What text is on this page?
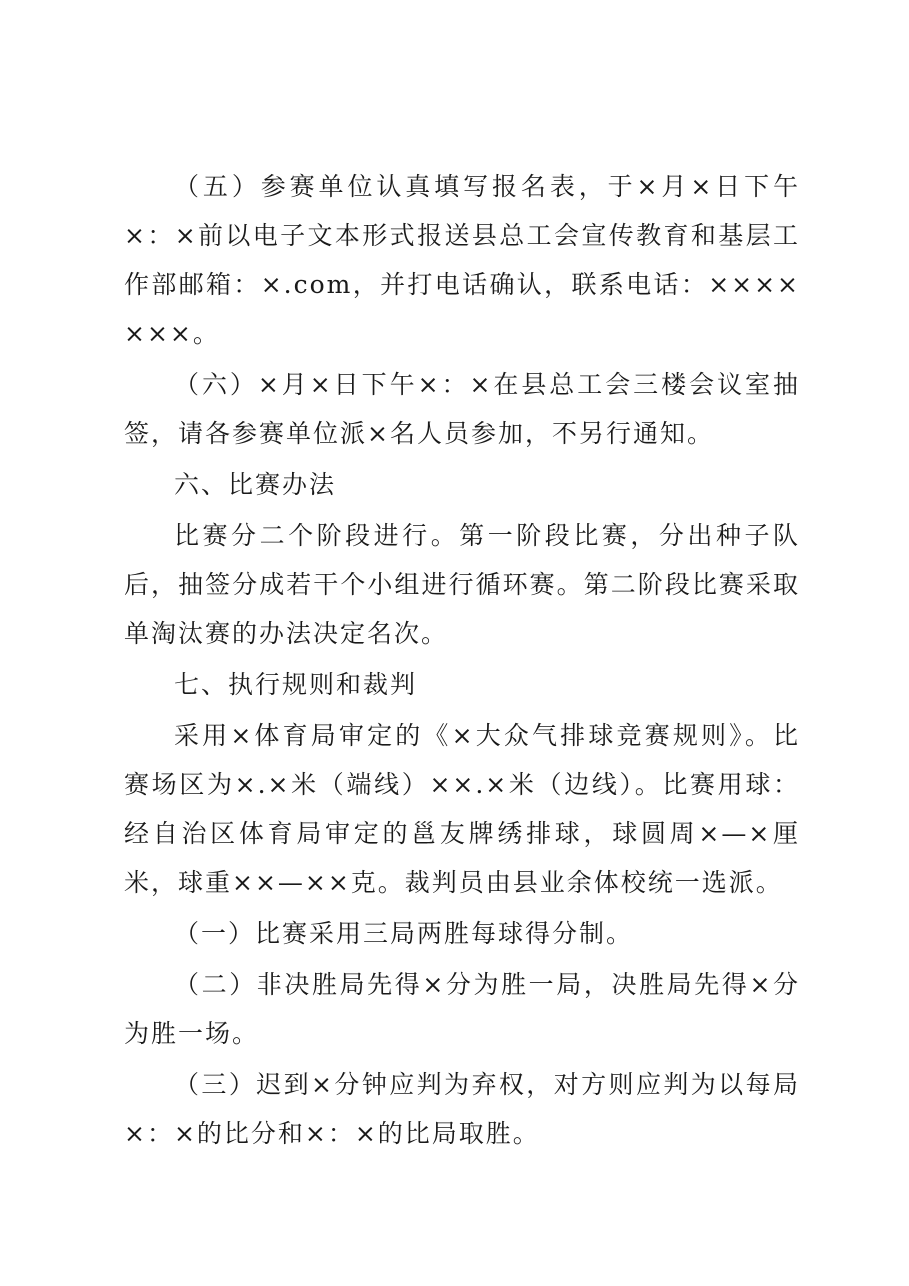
（五）参赛单位认真填写报名表，于×月×日下午×：×前以电子文本形式报送县总工会宣传教育和基层工作部邮箱：×.com，并打电话确认，联系电话：×××××××。

（六）×月×日下午×：×在县总工会三楼会议室抽签，请各参赛单位派×名人员参加，不另行通知。

六、比赛办法

比赛分二个阶段进行。第一阶段比赛，分出种子队后，抽签分成若干个小组进行循环赛。第二阶段比赛采取单淘汰赛的办法决定名次。

七、执行规则和裁判

采用×体育局审定的《×大众气排球竞赛规则》。比赛场区为×.×米（端线）××.×米（边线）。比赛用球：经自治区体育局审定的邕友牌绣排球，球圆周×—×厘米，球重××—××克。裁判员由县业余体校统一选派。

（一）比赛采用三局两胜每球得分制。

（二）非决胜局先得×分为胜一局，决胜局先得×分为胜一场。

（三）迟到×分钟应判为弃权，对方则应判为以每局×：×的比分和×：×的比局取胜。
